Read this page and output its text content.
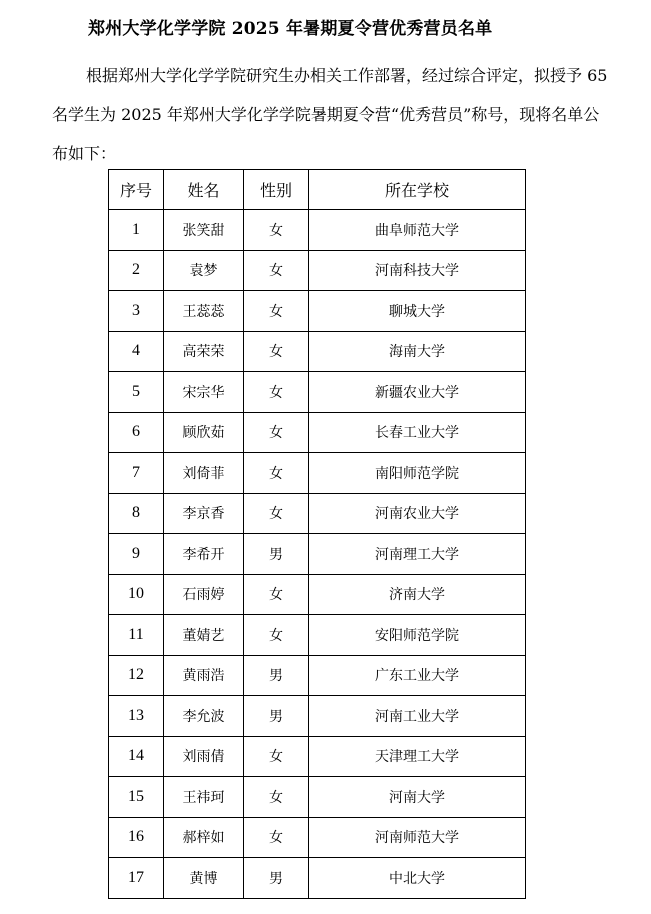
郑州大学化学学院 2025 年暑期夏令营优秀营员名单

根据郑州大学化学学院研究生办相关工作部署，经过综合评定，拟授予 65 名学生为 2025 年郑州大学化学学院暑期夏令营“优秀营员”称号，现将名单公布如下：

序号	姓名	性别	所在学校
1	张笑甜	女	曲阜师范大学
2	袁梦	女	河南科技大学
3	王蕊蕊	女	聊城大学
4	高荣荣	女	海南大学
5	宋宗华	女	新疆农业大学
6	顾欣茹	女	长春工业大学
7	刘倚菲	女	南阳师范学院
8	李京香	女	河南农业大学
9	李希开	男	河南理工大学
10	石雨婷	女	济南大学
11	董婧艺	女	安阳师范学院
12	黄雨浩	男	广东工业大学
13	李允波	男	河南工业大学
14	刘雨倩	女	天津理工大学
15	王祎珂	女	河南大学
16	郝梓如	女	河南师范大学
17	黄博	男	中北大学
